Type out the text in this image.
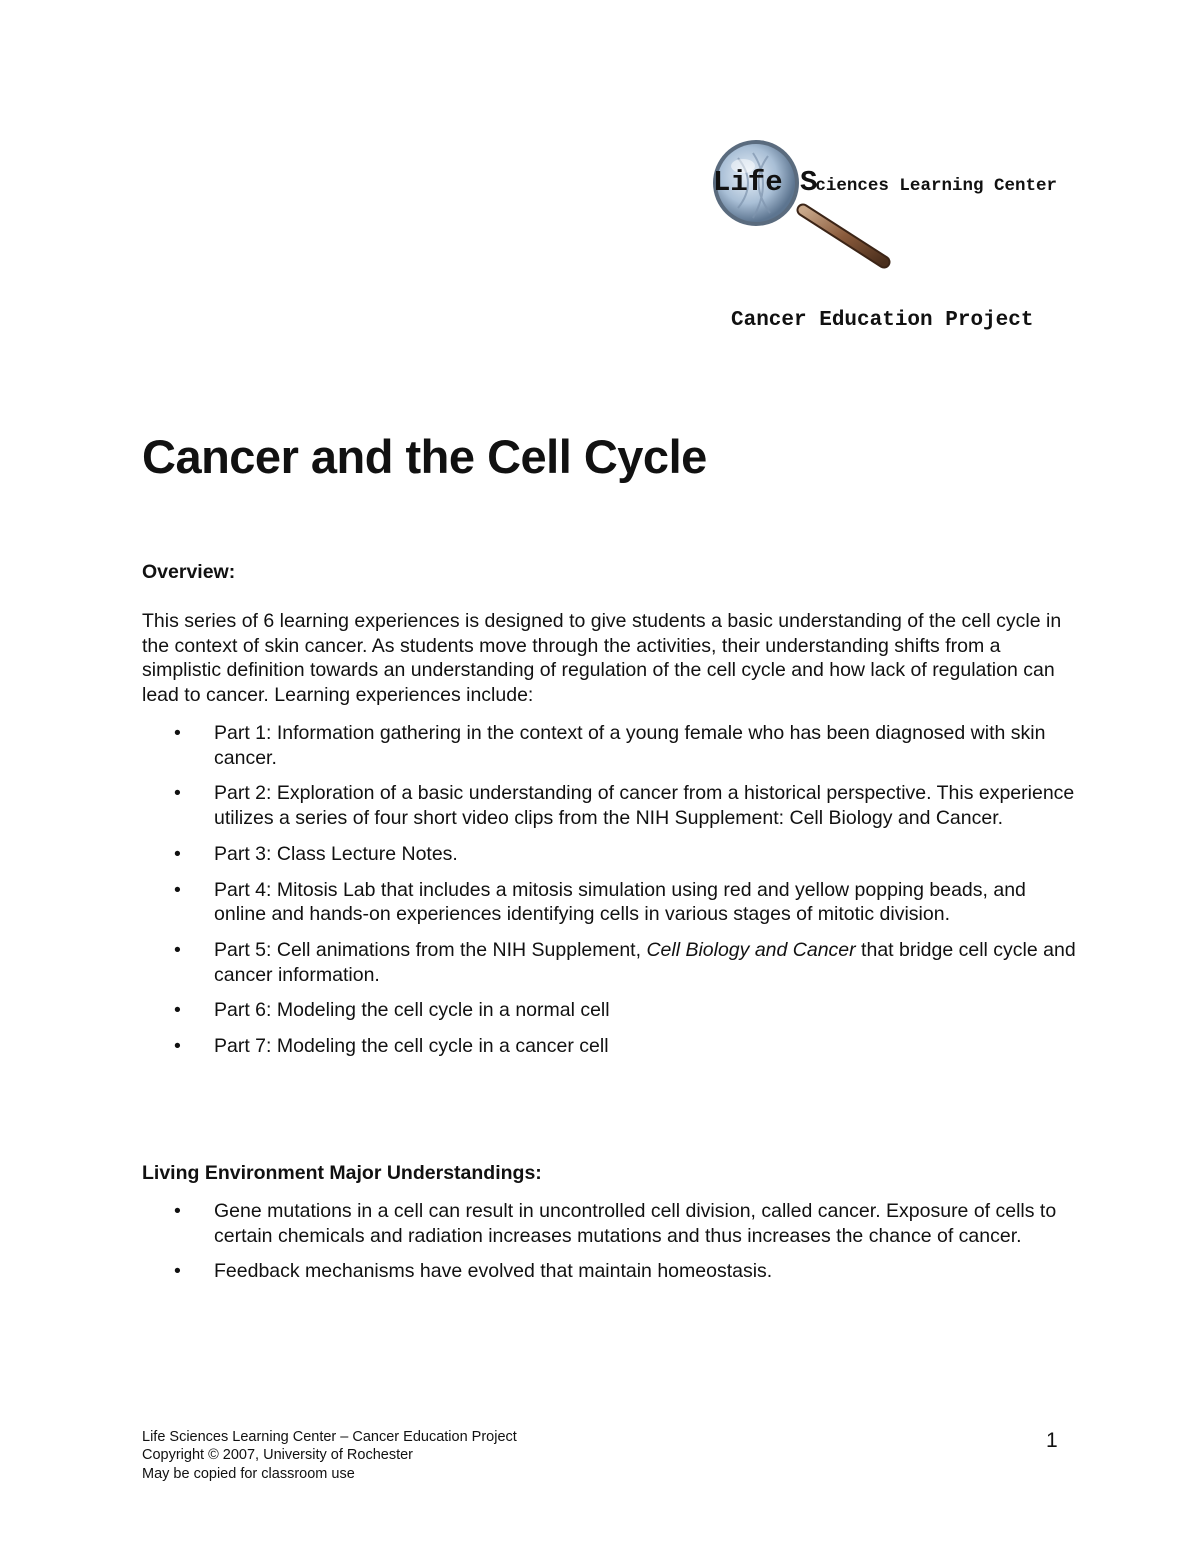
Life Sciences Learning Center
Cancer Education Project
Cancer and the Cell Cycle
Overview:

This series of 6 learning experiences is designed to give students a basic understanding of the cell cycle in the context of skin cancer. As students move through the activities, their understanding shifts from a simplistic definition towards an understanding of regulation of the cell cycle and how lack of regulation can lead to cancer. Learning experiences include:

• Part 1: Information gathering in the context of a young female who has been diagnosed with skin cancer.
• Part 2: Exploration of a basic understanding of cancer from a historical perspective. This experience utilizes a series of four short video clips from the NIH Supplement: Cell Biology and Cancer.
• Part 3: Class Lecture Notes.
• Part 4: Mitosis Lab that includes a mitosis simulation using red and yellow popping beads, and online and hands-on experiences identifying cells in various stages of mitotic division.
• Part 5: Cell animations from the NIH Supplement, Cell Biology and Cancer that bridge cell cycle and cancer information.
• Part 6: Modeling the cell cycle in a normal cell
• Part 7: Modeling the cell cycle in a cancer cell
Living Environment Major Understandings:
• Gene mutations in a cell can result in uncontrolled cell division, called cancer. Exposure of cells to certain chemicals and radiation increases mutations and thus increases the chance of cancer.
• Feedback mechanisms have evolved that maintain homeostasis.
Life Sciences Learning Center – Cancer Education Project
Copyright © 2007, University of Rochester
May be copied for classroom use
1
